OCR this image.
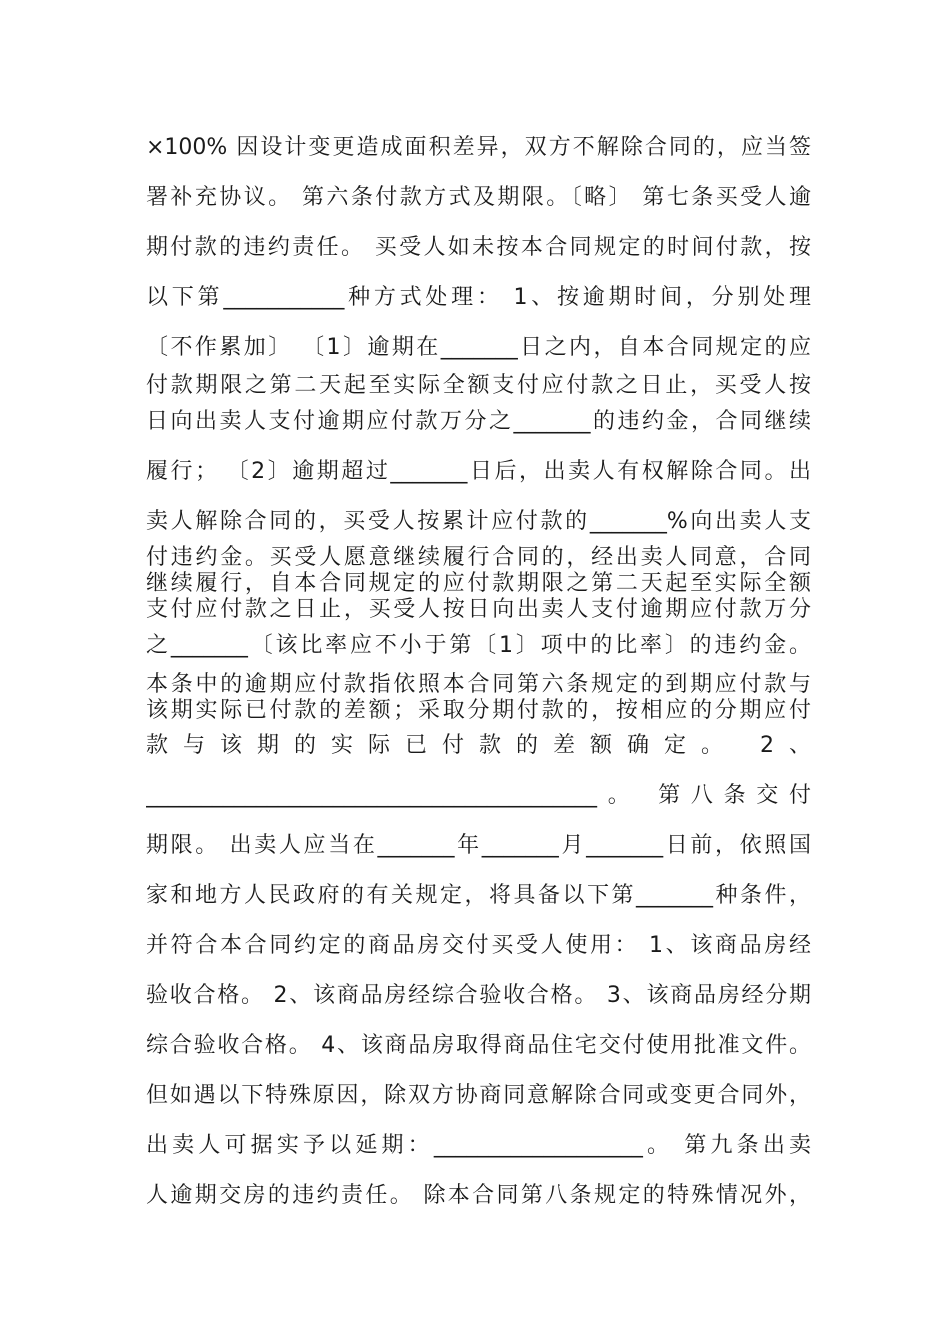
×100% 因设计变更造成面积差异，双方不解除合同的，应当签
署补充协议。 第六条付款方式及期限。〔略〕 第七条买受人逾
期付款的违约责任。 买受人如未按本合同规定的时间付款，按
以下第___________种方式处理： 1、按逾期时间，分别处理
〔不作累加〕 〔1〕逾期在_______日之内，自本合同规定的应
付款期限之第二天起至实际全额支付应付款之日止，买受人按
日向出卖人支付逾期应付款万分之_______的违约金，合同继续
履行； 〔2〕逾期超过_______日后，出卖人有权解除合同。出
卖人解除合同的，买受人按累计应付款的_______%向出卖人支
付违约金。买受人愿意继续履行合同的，经出卖人同意，合同
继续履行，自本合同规定的应付款期限之第二天起至实际全额
支付应付款之日止，买受人按日向出卖人支付逾期应付款万分
之_______〔该比率应不小于第〔1〕项中的比率〕的违约金。
本条中的逾期应付款指依照本合同第六条规定的到期应付款与
该期实际已付款的差额；采取分期付款的，按相应的分期应付
款与该期的实际已付款的差额确定。 2、
_________________________________________。 第八条交付
期限。 出卖人应当在_______年_______月_______日前，依照国
家和地方人民政府的有关规定，将具备以下第_______种条件，
并符合本合同约定的商品房交付买受人使用： 1、该商品房经
验收合格。 2、该商品房经综合验收合格。 3、该商品房经分期
综合验收合格。 4、该商品房取得商品住宅交付使用批准文件。
但如遇以下特殊原因，除双方协商同意解除合同或变更合同外，
出卖人可据实予以延期：___________________。 第九条出卖
人逾期交房的违约责任。 除本合同第八条规定的特殊情况外，
